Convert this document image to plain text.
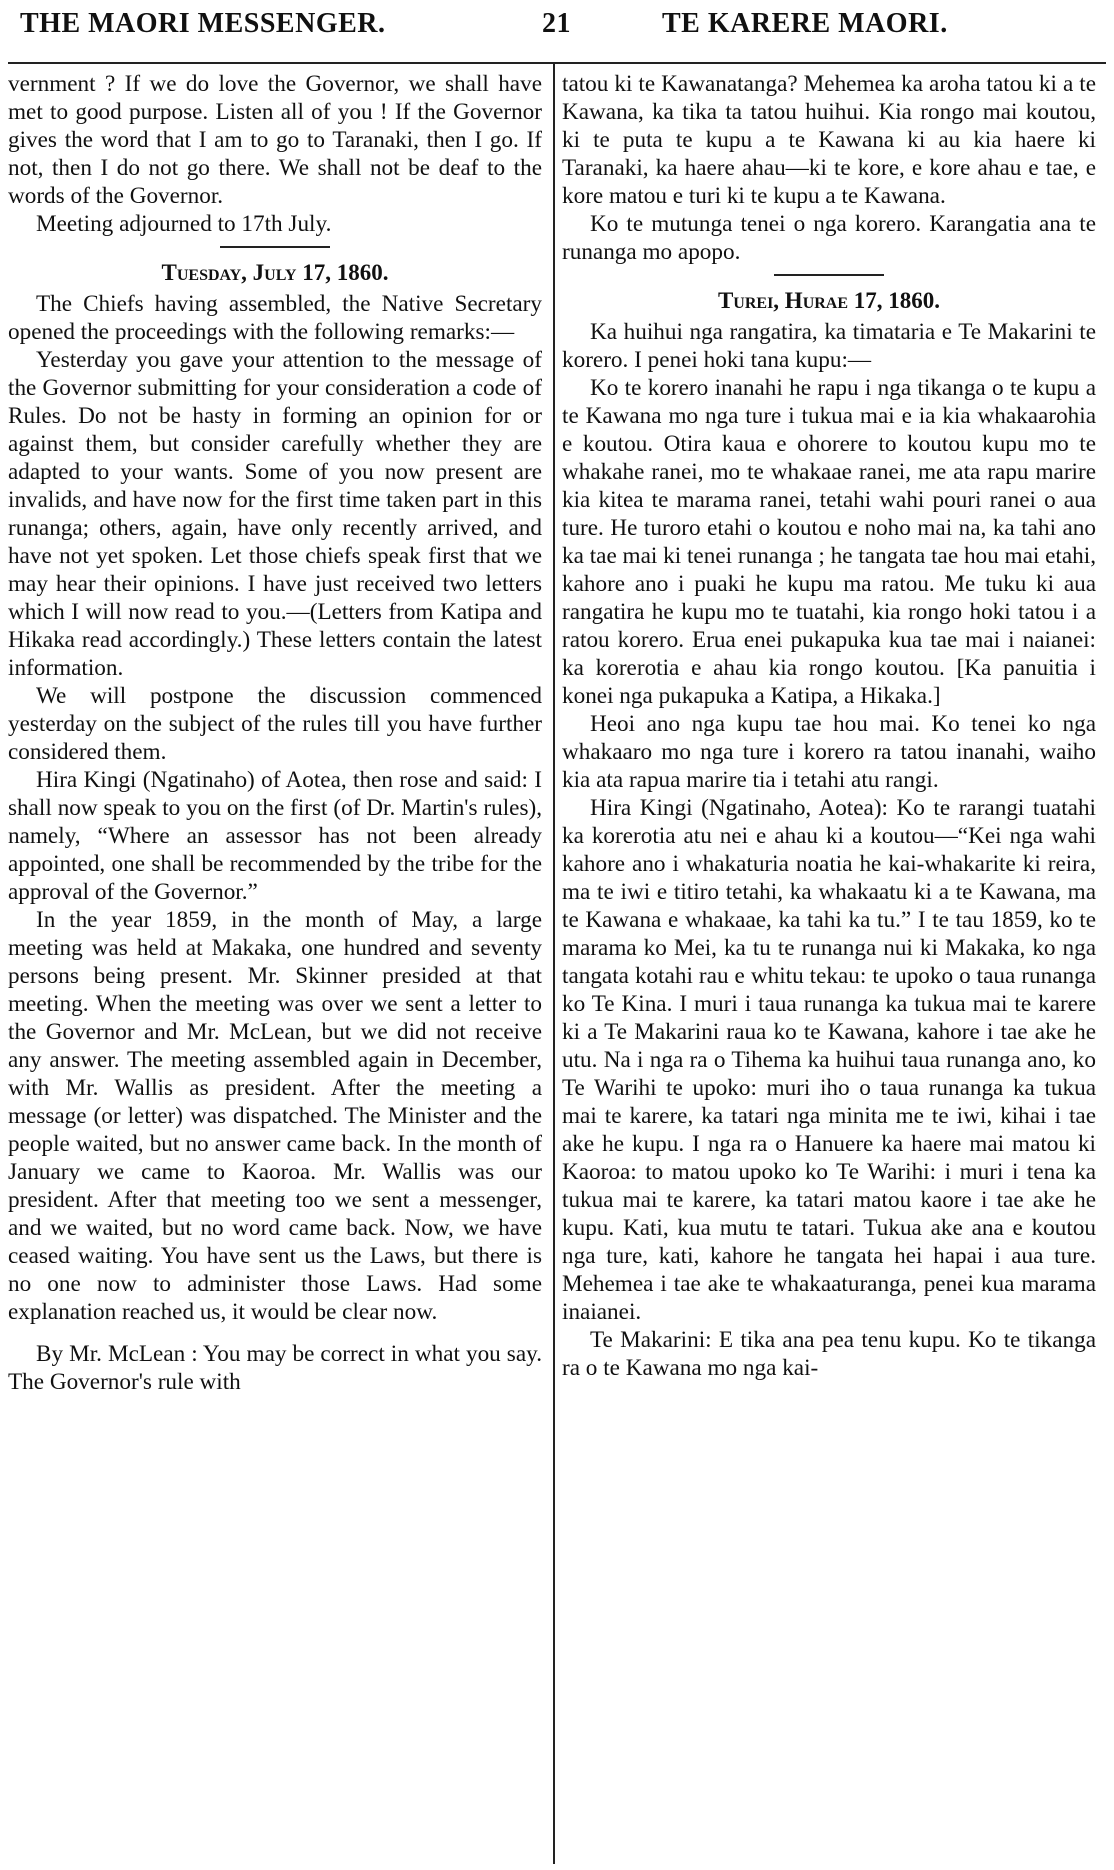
THE MAORI MESSENGER.	21	TE KARERE MAORI.

vernment ? If we do love the Governor, we shall have met to good purpose. Listen all of you ! If the Governor gives the word that I am to go to Taranaki, then I go. If not, then I do not go there. We shall not be deaf to the words of the Governor.

Meeting adjourned to 17th July.

Tuesday, July 17, 1860.

The Chiefs having assembled, the Native Secretary opened the proceedings with the following remarks:—

Yesterday you gave your attention to the message of the Governor submitting for your consideration a code of Rules. Do not be hasty in forming an opinion for or against them, but consider carefully whether they are adapted to your wants. Some of you now present are invalids, and have now for the first time taken part in this runanga; others, again, have only recently arrived, and have not yet spoken. Let those chiefs speak first that we may hear their opinions. I have just received two letters which I will now read to you.—(Letters from Katipa and Hikaka read accordingly.) These letters contain the latest information.

We will postpone the discussion commenced yesterday on the subject of the rules till you have further considered them.

Hira Kingi (Ngatinaho) of Aotea, then rose and said: I shall now speak to you on the first (of Dr. Martin's rules), namely, “Where an assessor has not been already appointed, one shall be recommended by the tribe for the approval of the Governor.”

In the year 1859, in the month of May, a large meeting was held at Makaka, one hundred and seventy persons being present. Mr. Skinner presided at that meeting. When the meeting was over we sent a letter to the Governor and Mr. McLean, but we did not receive any answer. The meeting assembled again in December, with Mr. Wallis as president. After the meeting a message (or letter) was dispatched. The Minister and the people waited, but no answer came back. In the month of January we came to Kaoroa. Mr. Wallis was our president. After that meeting too we sent a messenger, and we waited, but no word came back. Now, we have ceased waiting. You have sent us the Laws, but there is no one now to administer those Laws. Had some explanation reached us, it would be clear now.

By Mr. McLean : You may be correct in what you say. The Governor's rule with

tatou ki te Kawanatanga? Mehemea ka aroha tatou ki a te Kawana, ka tika ta tatou huihui. Kia rongo mai koutou, ki te puta te kupu a te Kawana ki au kia haere ki Taranaki, ka haere ahau—ki te kore, e kore ahau e tae, e kore matou e turi ki te kupu a te Kawana.

Ko te mutunga tenei o nga korero. Karangatia ana te runanga mo apopo.

Turei, Hurae 17, 1860.

Ka huihui nga rangatira, ka timataria e Te Makarini te korero. I penei hoki tana kupu:—

Ko te korero inanahi he rapu i nga tikanga o te kupu a te Kawana mo nga ture i tukua mai e ia kia whakaarohia e koutou. Otira kaua e ohorere to koutou kupu mo te whakahe ranei, mo te whakaae ranei, me ata rapu marire kia kitea te marama ranei, tetahi wahi pouri ranei o aua ture. He turoro etahi o koutou e noho mai na, ka tahi ano ka tae mai ki tenei runanga ; he tangata tae hou mai etahi, kahore ano i puaki he kupu ma ratou. Me tuku ki aua rangatira he kupu mo te tuatahi, kia rongo hoki tatou i a ratou korero. Erua enei pukapuka kua tae mai i naianei: ka korerotia e ahau kia rongo koutou. [Ka panuitia i konei nga pukapuka a Katipa, a Hikaka.]

Heoi ano nga kupu tae hou mai. Ko tenei ko nga whakaaro mo nga ture i korero ra tatou inanahi, waiho kia ata rapua marire tia i tetahi atu rangi.

Hira Kingi (Ngatinaho, Aotea): Ko te rarangi tuatahi ka korerotia atu nei e ahau ki a koutou—“Kei nga wahi kahore ano i whakaturia noatia he kai-whakarite ki reira, ma te iwi e titiro tetahi, ka whakaatu ki a te Kawana, ma te Kawana e whakaae, ka tahi ka tu.” I te tau 1859, ko te marama ko Mei, ka tu te runanga nui ki Makaka, ko nga tangata kotahi rau e whitu tekau: te upoko o taua runanga ko Te Kina. I muri i taua runanga ka tukua mai te karere ki a Te Makarini raua ko te Kawana, kahore i tae ake he utu. Na i nga ra o Tihema ka huihui taua runanga ano, ko Te Warihi te upoko: muri iho o taua runanga ka tukua mai te karere, ka tatari nga minita me te iwi, kihai i tae ake he kupu. I nga ra o Hanuere ka haere mai matou ki Kaoroa: to matou upoko ko Te Warihi: i muri i tena ka tukua mai te karere, ka tatari matou kaore i tae ake he kupu. Kati, kua mutu te tatari. Tukua ake ana e koutou nga ture, kati, kahore he tangata hei hapai i aua ture. Mehemea i tae ake te whakaaturanga, penei kua marama inaianei.

Te Makarini: E tika ana pea tenu kupu. Ko te tikanga ra o te Kawana mo nga kai-
